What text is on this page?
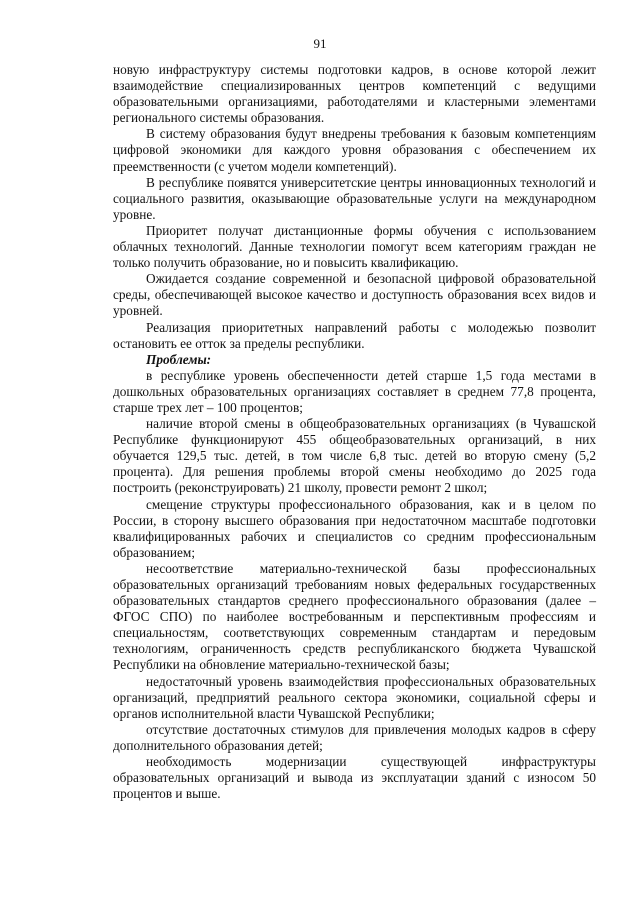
91

новую инфраструктуру системы подготовки кадров, в основе которой лежит взаимодействие специализированных центров компетенций с ведущими образовательными организациями, работодателями и кластерными элементами регионального системы образования.

В систему образования будут внедрены требования к базовым компетенциям цифровой экономики для каждого уровня образования с обеспечением их преемственности (с учетом модели компетенций).

В республике появятся университетские центры инновационных технологий и социального развития, оказывающие образовательные услуги на международном уровне.

Приоритет получат дистанционные формы обучения с использованием облачных технологий. Данные технологии помогут всем категориям граждан не только получить образование, но и повысить квалификацию.

Ожидается создание современной и безопасной цифровой образовательной среды, обеспечивающей высокое качество и доступность образования всех видов и уровней.

Реализация приоритетных направлений работы с молодежью позволит остановить ее отток за пределы республики.

Проблемы:

в республике уровень обеспеченности детей старше 1,5 года местами в дошкольных образовательных организациях составляет в среднем 77,8 процента, старше трех лет – 100 процентов;

наличие второй смены в общеобразовательных организациях (в Чувашской Республике функционируют 455 общеобразовательных организаций, в них обучается 129,5 тыс. детей, в том числе 6,8 тыс. детей во вторую смену (5,2 процента). Для решения проблемы второй смены необходимо до 2025 года построить (реконструировать) 21 школу, провести ремонт 2 школ;

смещение структуры профессионального образования, как и в целом по России, в сторону высшего образования при недостаточном масштабе подготовки квалифицированных рабочих и специалистов со средним профессиональным образованием;

несоответствие материально-технической базы профессиональных образовательных организаций требованиям новых федеральных государственных образовательных стандартов среднего профессионального образования (далее – ФГОС СПО) по наиболее востребованным и перспективным профессиям и специальностям, соответствующих современным стандартам и передовым технологиям, ограниченность средств республиканского бюджета Чувашской Республики на обновление материально-технической базы;

недостаточный уровень взаимодействия профессиональных образовательных организаций, предприятий реального сектора экономики, социальной сферы и органов исполнительной власти Чувашской Республики;

отсутствие достаточных стимулов для привлечения молодых кадров в сферу дополнительного образования детей;

необходимость модернизации существующей инфраструктуры образовательных организаций и вывода из эксплуатации зданий с износом 50 процентов и выше.
